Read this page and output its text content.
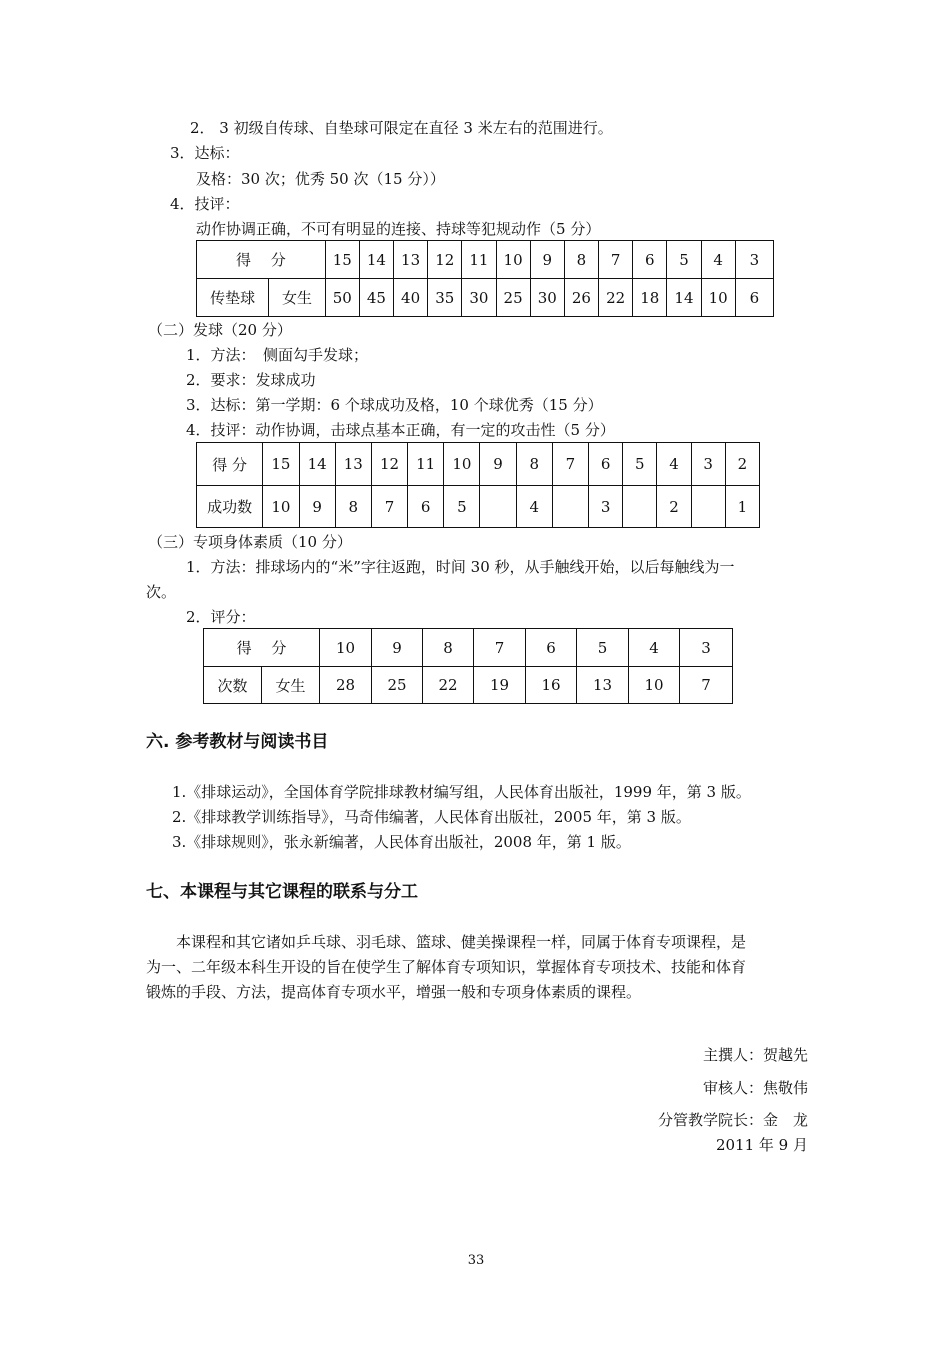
2． 3 初级自传球、自垫球可限定在直径 3 米左右的范围进行。
3．达标：
及格：30 次；优秀 50 次（15 分））
4．技评：
动作协调正确，不可有明显的连接、持球等犯规动作（5 分）
得　 分		15	14	13	12	11	10	9	8	7	6	5	4	3
传垫球	女生	50	45	40	35	30	25	30	26	22	18	14	10	6
（二）发球（20 分）
1．方法：　侧面勾手发球；
2．要求：发球成功
3．达标：第一学期：6 个球成功及格，10 个球优秀（15 分）
4．技评：动作协调，击球点基本正确，有一定的攻击性（5 分）
得 分	15	14	13	12	11	10	9	8	7	6	5	4	3	2
成功数	10	9	8	7	6	5		4		3		2		1
（三）专项身体素质（10 分）
1．方法：排球场内的“米”字往返跑，时间 30 秒，从手触线开始，以后每触线为一
次。
2．评分：
得　 分		10	9	8	7	6	5	4	3
次数	女生	28	25	22	19	16	13	10	7
六. 参考教材与阅读书目
1.《排球运动》，全国体育学院排球教材编写组，人民体育出版社，1999 年，第 3 版。
2.《排球教学训练指导》，马奇伟编著，人民体育出版社，2005 年，第 3 版。
3.《排球规则》，张永新编著，人民体育出版社，2008 年，第 1 版。
七、本课程与其它课程的联系与分工
本课程和其它诸如乒乓球、羽毛球、篮球、健美操课程一样，同属于体育专项课程，是
为一、二年级本科生开设的旨在使学生了解体育专项知识，掌握体育专项技术、技能和体育
锻炼的手段、方法，提高体育专项水平，增强一般和专项身体素质的课程。
主撰人：贺越先
审核人：焦敬伟
分管教学院长：金　龙
2011 年 9 月
33
